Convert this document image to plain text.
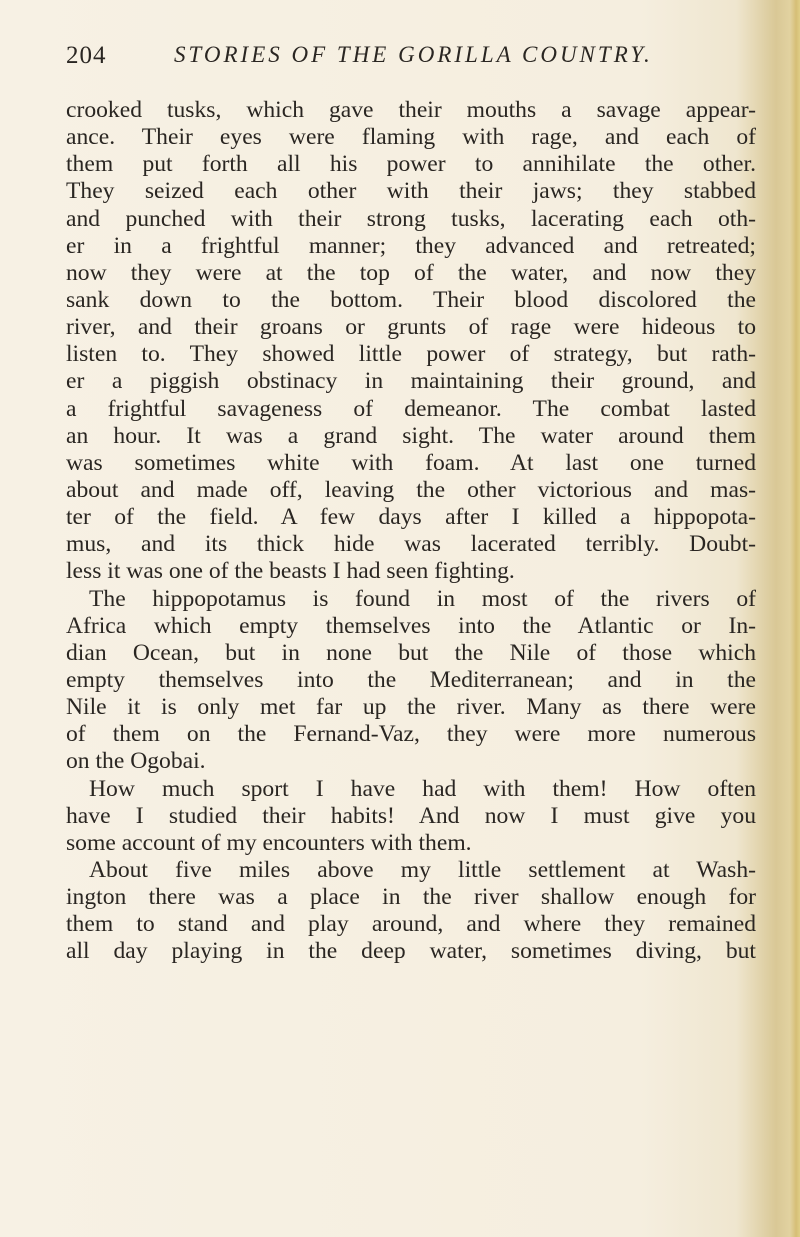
204	STORIES OF THE GORILLA COUNTRY.
crooked tusks, which gave their mouths a savage appear-
ance. Their eyes were flaming with rage, and each of
them put forth all his power to annihilate the other.
They seized each other with their jaws; they stabbed
and punched with their strong tusks, lacerating each oth-
er in a frightful manner; they advanced and retreated;
now they were at the top of the water, and now they
sank down to the bottom. Their blood discolored the
river, and their groans or grunts of rage were hideous to
listen to. They showed little power of strategy, but rath-
er a piggish obstinacy in maintaining their ground, and
a frightful savageness of demeanor. The combat lasted
an hour. It was a grand sight. The water around them
was sometimes white with foam. At last one turned
about and made off, leaving the other victorious and mas-
ter of the field. A few days after I killed a hippopota-
mus, and its thick hide was lacerated terribly. Doubt-
less it was one of the beasts I had seen fighting.
The hippopotamus is found in most of the rivers of
Africa which empty themselves into the Atlantic or In-
dian Ocean, but in none but the Nile of those which
empty themselves into the Mediterranean; and in the
Nile it is only met far up the river. Many as there were
of them on the Fernand-Vaz, they were more numerous
on the Ogobai.
How much sport I have had with them! How often
have I studied their habits! And now I must give you
some account of my encounters with them.
About five miles above my little settlement at Wash-
ington there was a place in the river shallow enough for
them to stand and play around, and where they remained
all day playing in the deep water, sometimes diving, but
